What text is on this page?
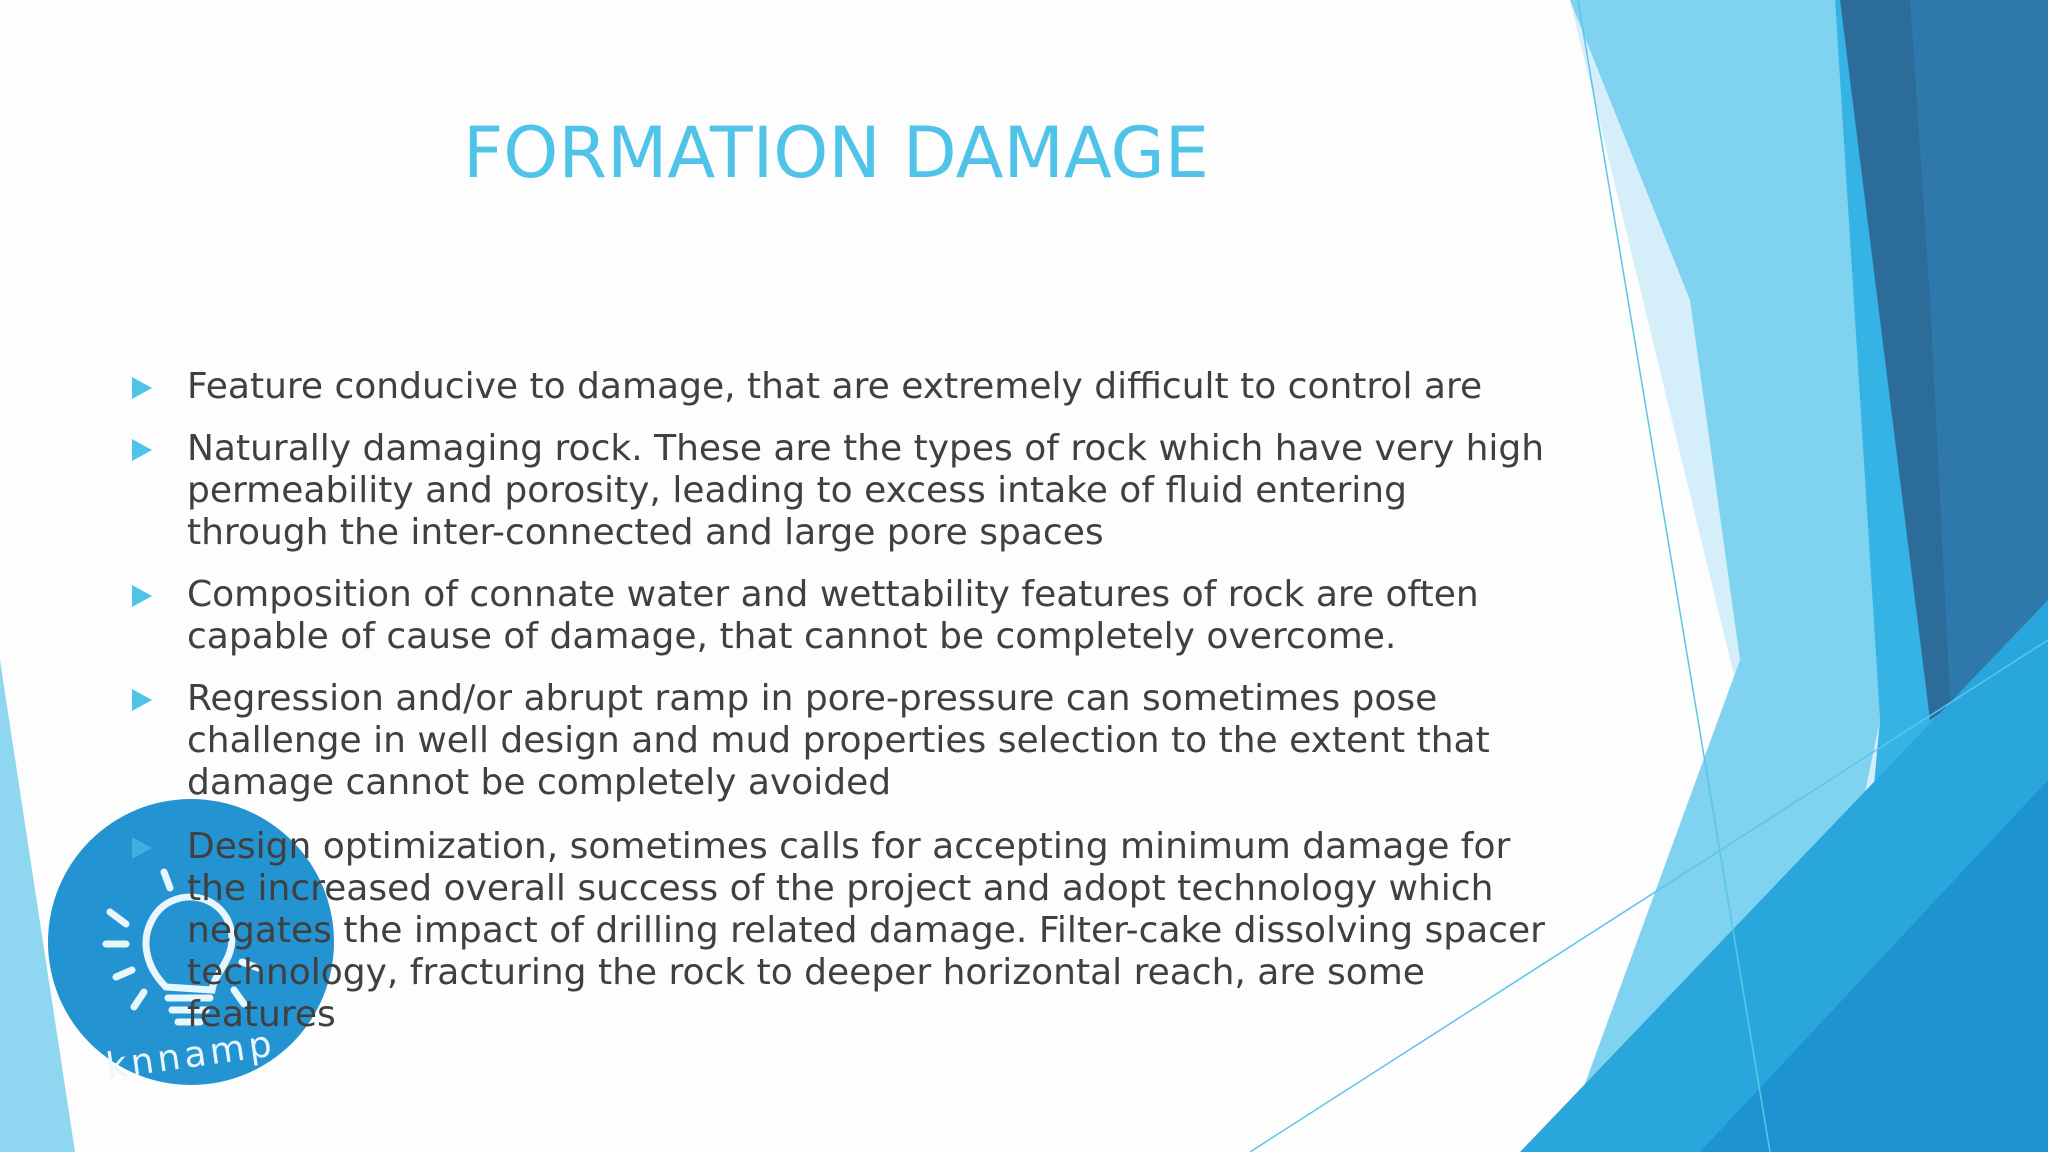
FORMATION DAMAGE
Feature conducive to damage, that are extremely difficult to control are
Naturally damaging rock. These are the types of rock which have very high permeability and porosity, leading to excess intake of fluid entering through the inter-connected and large pore spaces
Composition of connate water and wettability features of rock are often capable of cause of damage, that cannot be completely overcome.
Regression and/or abrupt ramp in pore-pressure can sometimes pose challenge in well design and mud properties selection to the extent that damage cannot be completely avoided
knnamp
Design optimization, sometimes calls for accepting minimum damage for the increased overall success of the project and adopt technology which negates the impact of drilling related damage. Filter-cake dissolving spacer technology, fracturing the rock to deeper horizontal reach, are some features
